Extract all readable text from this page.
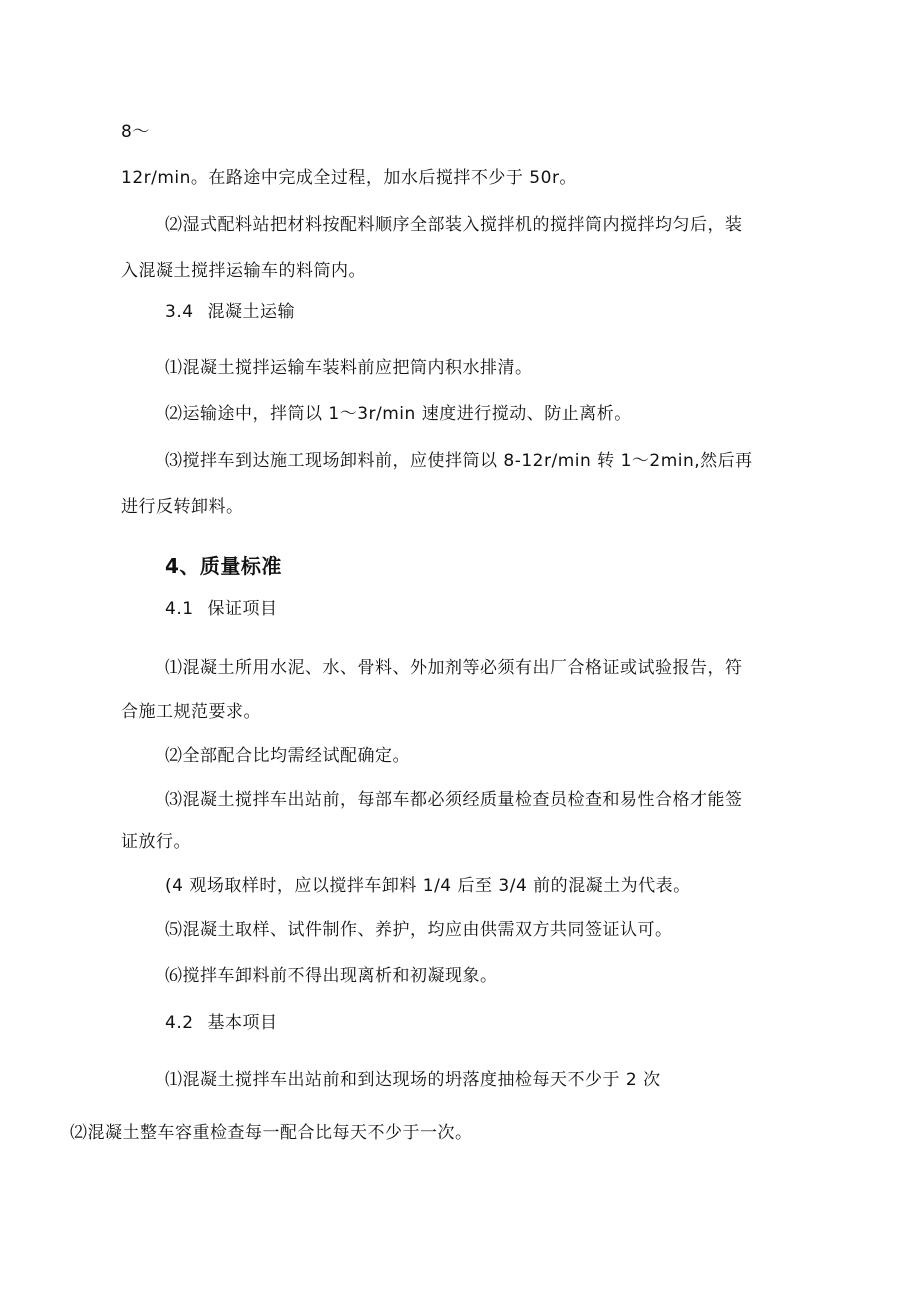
8～
12r/min。在路途中完成全过程，加水后搅拌不少于 50r。
⑵湿式配料站把材料按配料顺序全部装入搅拌机的搅拌筒内搅拌均匀后，装
入混凝土搅拌运输车的料筒内。
3.4 混凝土运输
⑴混凝土搅拌运输车装料前应把筒内积水排清。
⑵运输途中，拌筒以 1～3r/min 速度进行搅动、防止离析。
⑶搅拌车到达施工现场卸料前，应使拌筒以 8-12r/min 转 1～2min,然后再
进行反转卸料。
4、质量标准
4.1 保证项目
⑴混凝土所用水泥、水、骨料、外加剂等必须有出厂合格证或试验报告，符
合施工规范要求。
⑵全部配合比均需经试配确定。
⑶混凝土搅拌车出站前，每部车都必须经质量检查员检查和易性合格才能签
证放行。
(4 观场取样时，应以搅拌车卸料 1/4 后至 3/4 前的混凝土为代表。
⑸混凝土取样、试件制作、养护，均应由供需双方共同签证认可。
⑹搅拌车卸料前不得出现离析和初凝现象。
4.2 基本项目
⑴混凝土搅拌车出站前和到达现场的坍落度抽检每天不少于 2 次
⑵混凝土整车容重检查每一配合比每天不少于一次。
